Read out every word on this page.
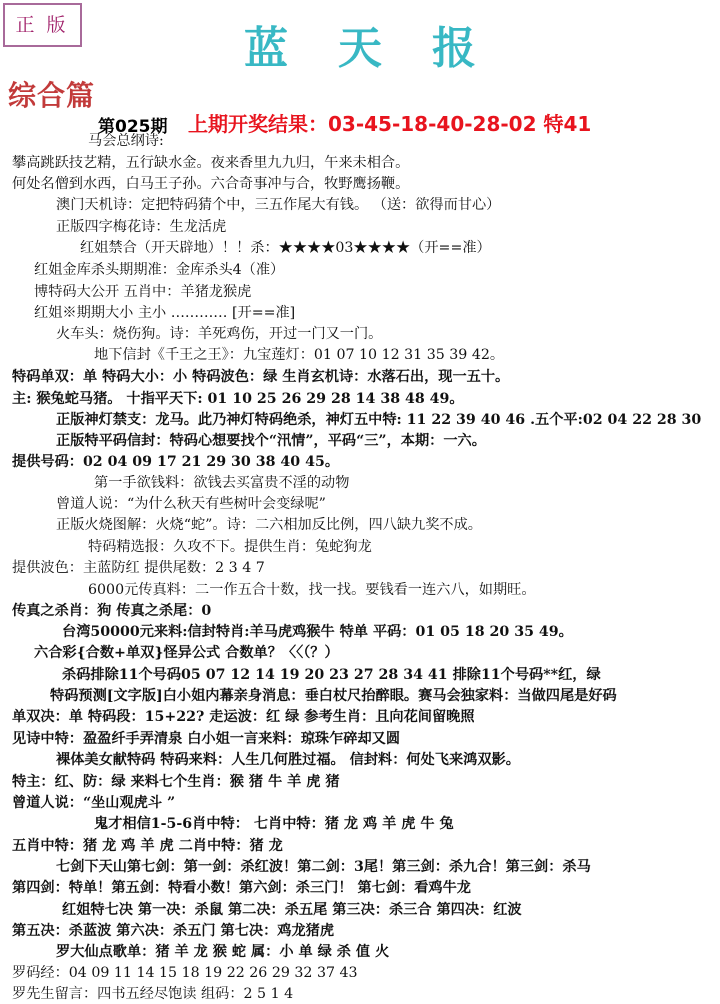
正版	蓝天报
综合篇
第025期 上期开奖结果：03-45-18-40-28-02 特41
马会总纲诗:
攀高跳跃技艺精，五行缺水金。夜来香里九九归，午来未相合。
何处名僧到水西，白马王子孙。六合奇事冲与合，牧野鹰扬鞭。
澳门天机诗：定把特码猜个中，三五作尾大有钱。 （送：欲得而甘心）
正版四字梅花诗：生龙活虎
红姐禁合（开天辟地）！！杀：★★★★03★★★★（开==准）
红姐金库杀头期期准：金库杀头4（准）
博特码大公开 五肖中：羊猪龙猴虎
红姐※期期大小 主小 ………… [开==准]
火车头：烧伤狗。诗：羊死鸡伤，开过一门又一门。
地下信封《千王之王》：九宝莲灯：01 07 10 12 31 35 39 42。
特码单双：单 特码大小：小 特码波色：绿 生肖玄机诗：水落石出，现一五十。
主: 猴兔蛇马猪。 十指平天下: 01 10 25 26 29 28 14 38 48 49。
正版神灯禁支：龙马。此乃神灯特码绝杀，神灯五中特: 11 22 39 40 46 .五个平:02 04 22 28 30
正版特平码信封：特码心想要找个“汛情”，平码“三”，本期：一六。
提供号码：02 04 09 17 21 29 30 38 40 45。
第一手欲钱料：欲钱去买富贵不淫的动物
曾道人说：“为什么秋天有些树叶会变绿呢”
正版火烧图解：火烧“蛇”。诗：二六相加反比例，四八缺九奖不成。
特码精选报：久攻不下。提供生肖：兔蛇狗龙
提供波色：主蓝防红 提供尾数：2 3 4 7
6000元传真料：二一作五合十数，找一找。要钱看一连六八，如期旺。
传真之杀肖：狗 传真之杀尾：0
台湾50000元来料:信封特肖:羊马虎鸡猴牛 特单 平码：01 05 18 20 35 49。
六合彩{合数+单双}怪异公式 合数单？〈〈（？）
杀码排除11个号码05 07 12 14 19 20 23 27 28 34 41 排除11个号码**红，绿
特码预测[文字版]白小姐内幕亲身消息：垂白杖尺抬醉眼。赛马会独家料：当做四尾是好码
单双决：单 特码段：15+22? 走运波：红 绿 参考生肖：且向花间留晚照
见诗中特：盈盈纤手弄清泉 白小姐一言来料：琼珠乍碎却又圆
裸体美女献特码 特码来料：人生几何胜过福。 信封料：何处飞来鸿双影。
特主：红、防：绿 来料七个生肖：猴 猪 牛 羊 虎 猪
曾道人说：“坐山观虎斗 ”
鬼才相信1-5-6肖中特： 七肖中特：猪 龙 鸡 羊 虎 牛 兔
五肖中特：猪 龙 鸡 羊 虎 二肖中特：猪 龙
七剑下天山第七剑：第一剑：杀红波！第二剑：3尾！第三剑：杀九合！第三剑：杀马
第四剑：特单！第五剑：特看小数！第六剑：杀三门！ 第七剑：看鸡牛龙
红姐特七决 第一决：杀鼠 第二决：杀五尾 第三决：杀三合 第四决：红波
第五决：杀蓝波 第六决：杀五门 第七决：鸡龙猪虎
罗大仙点歌单：猪 羊 龙 猴 蛇 属：小 单 绿 杀 值 火
罗码经：04 09 11 14 15 18 19 22 26 29 32 37 43
罗先生留言：四书五经尽饱读 组码：2 5 1 4
